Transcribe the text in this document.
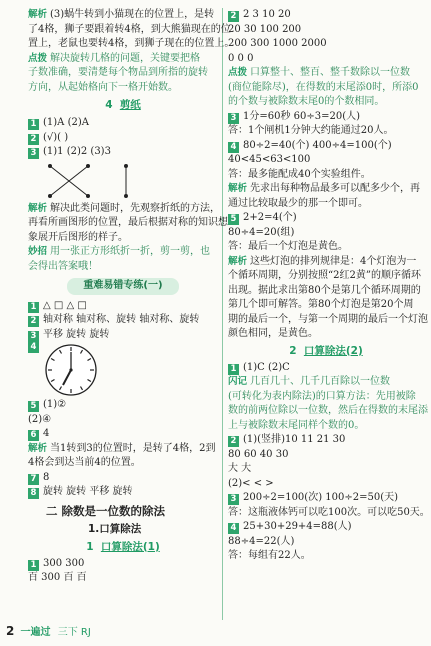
解析 (3)蜗牛转到小猫现在的位置上，是转

了4格，狮子要跟着转4格，到大熊猫现在的位

置上，老鼠也要转4格，到狮子现在的位置上。

点拨 解决旋转几格的问题，关键要把格

子数准确，要清楚每个物品到所指的旋转

方向，从起始格向下一格开始数。

4 剪纸

1 (1)A (2)A

2 (√)( )

3 (1)1 (2)2 (3)3

解析 解决此类问题时，先观察折纸的方法，

再看所画图形的位置，最后根据对称的知识想

象展开后图形的样子。

妙招 用一张正方形纸折一折，剪一剪，也

会得出答案哦！

重难易错专练(一)

1 △ □ △ □

2 轴对称 轴对称、旋转 轴对称、旋转

3 平移 旋转 旋转

4

5 (1)②

(2)④

6 4

解析 当1转到3的位置时，是转了4格，2到

4格会到达当前4的位置。

7 8

8 旋转 旋转 平移 旋转

二 除数是一位数的除法
1.口算除法
1 口算除法(1)

1 300 300

百 300 百 百

2 2 3 10 20

20 30 100 200

200 300 1000 2000

0 0 0

点拨 口算整十、整百、整千数除以一位数

(商位能除尽)，在得数的末尾添0时，所添0

的个数与被除数末尾0的个数相同。

3 1分=60秒 60÷3=20(人)

答：1个闸机1分钟大约能通过20人。

4 80÷2=40(个) 400÷4=100(个)

40<45<63<100

答：最多能配成40个实验组件。

解析 先求出每种物品最多可以配多少个，再

通过比较取最少的那一个即可。

5 2+2=4(个)

80÷4=20(组)

答：最后一个灯泡是黄色。

解析 这些灯泡的排列规律是：4个灯泡为一

个循环周期，分别按照“2红2黄”的顺序循环

出现。据此求出第80个是第几个循环周期的

第几个即可解答。第80个灯泡是第20个周

期的最后一个，与第一个周期的最后一个灯泡

颜色相同，是黄色。

2 口算除法(2)

1 (1)C (2)C

闪记 几百几十、几千几百除以一位数

(可转化为表内除法)的口算方法：先用被除

数的前两位除以一位数，然后在得数的末尾添

上与被除数末尾同样个数的0。

2 (1)(竖排)10 11 21 30

80 60 40 30

大 大

(2)< < >

3 200÷2=100(次) 100÷2=50(天)

答：这瓶液体钙可以吃100次。可以吃50天。

4 25+30+29+4=88(人)

88÷4=22(人)

答：每组有22人。

2 一遍过 三下 RJ
